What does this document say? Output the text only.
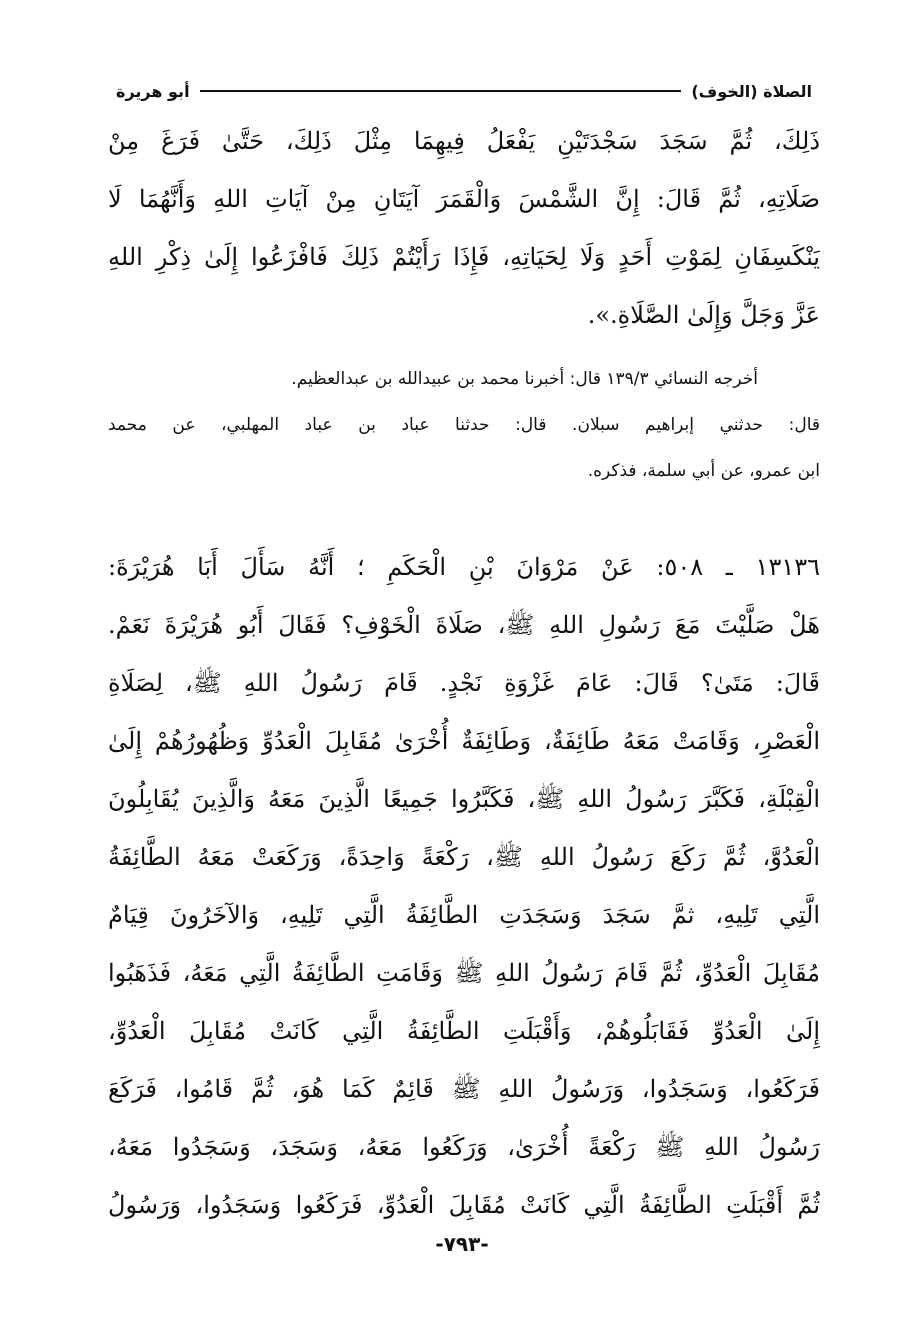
الصلاة (الخوف)
أبو هريرة
ذَلِكَ، ثُمَّ سَجَدَ سَجْدَتَيْنِ يَفْعَلُ فِيهِمَا مِثْلَ ذَلِكَ، حَتَّىٰ فَرَغَ مِنْ
صَلَاتِهِ، ثُمَّ قَالَ: إِنَّ الشَّمْسَ وَالْقَمَرَ آيَتَانِ مِنْ آيَاتِ اللهِ وَأَنَّهُمَا لَا
يَنْكَسِفَانِ لِمَوْتِ أَحَدٍ وَلَا لِحَيَاتِهِ، فَإِذَا رَأَيْتُمْ ذَلِكَ فَافْزَعُوا إِلَىٰ ذِكْرِ اللهِ
عَزَّ وَجَلَّ وَإِلَىٰ الصَّلَاةِ.».
أخرجه النسائي ١٣٩/٣ قال: أخبرنا محمد بن عبيدالله بن عبدالعظيم.
قال: حدثني إبراهيم سبلان. قال: حدثنا عباد بن عباد المهلبي، عن محمد
ابن عمرو، عن أبي سلمة، فذكره.
١٣١٣٦ ـ ٥٠٨: عَنْ مَرْوَانَ بْنِ الْحَكَمِ ؛ أَنَّهُ سَأَلَ أَبَا هُرَيْرَةَ:
هَلْ صَلَّيْتَ مَعَ رَسُولِ اللهِ ﷺ، صَلَاةَ الْخَوْفِ؟ فَقَالَ أَبُو هُرَيْرَةَ نَعَمْ.
قَالَ: مَتَىٰ؟ قَالَ: عَامَ غَزْوَةِ نَجْدٍ. قَامَ رَسُولُ اللهِ ﷺ، لِصَلَاةِ
الْعَصْرِ، وَقَامَتْ مَعَهُ طَائِفَةٌ، وَطَائِفَةٌ أُخْرَىٰ مُقَابِلَ الْعَدُوِّ وَظُهُورُهُمْ إِلَىٰ
الْقِبْلَةِ، فَكَبَّرَ رَسُولُ اللهِ ﷺ، فَكَبَّرُوا جَمِيعًا الَّذِينَ مَعَهُ وَالَّذِينَ يُقَابِلُونَ
الْعَدُوَّ، ثُمَّ رَكَعَ رَسُولُ اللهِ ﷺ، رَكْعَةً وَاحِدَةً، وَرَكَعَتْ مَعَهُ الطَّائِفَةُ
الَّتِي تَلِيهِ، ثمَّ سَجَدَ وَسَجَدَتِ الطَّائِفَةُ الَّتِي تَلِيهِ، وَالآخَرُونَ قِيَامٌ
مُقَابِلَ الْعَدُوِّ، ثُمَّ قَامَ رَسُولُ اللهِ ﷺ وَقَامَتِ الطَّائِفَةُ الَّتِي مَعَهُ، فَذَهَبُوا
إِلَىٰ الْعَدُوِّ فَقَابَلُوهُمْ، وَأَقْبَلَتِ الطَّائِفَةُ الَّتِي كَانَتْ مُقَابِلَ الْعَدُوِّ،
فَرَكَعُوا، وَسَجَدُوا، وَرَسُولُ اللهِ ﷺ قَائِمٌ كَمَا هُوَ، ثُمَّ قَامُوا، فَرَكَعَ
رَسُولُ اللهِ ﷺ رَكْعَةً أُخْرَىٰ، وَرَكَعُوا مَعَهُ، وَسَجَدَ، وَسَجَدُوا مَعَهُ،
ثُمَّ أَقْبَلَتِ الطَّائِفَةُ الَّتِي كَانَتْ مُقَابِلَ الْعَدُوِّ، فَرَكَعُوا وَسَجَدُوا، وَرَسُولُ
-٧٩٣-
